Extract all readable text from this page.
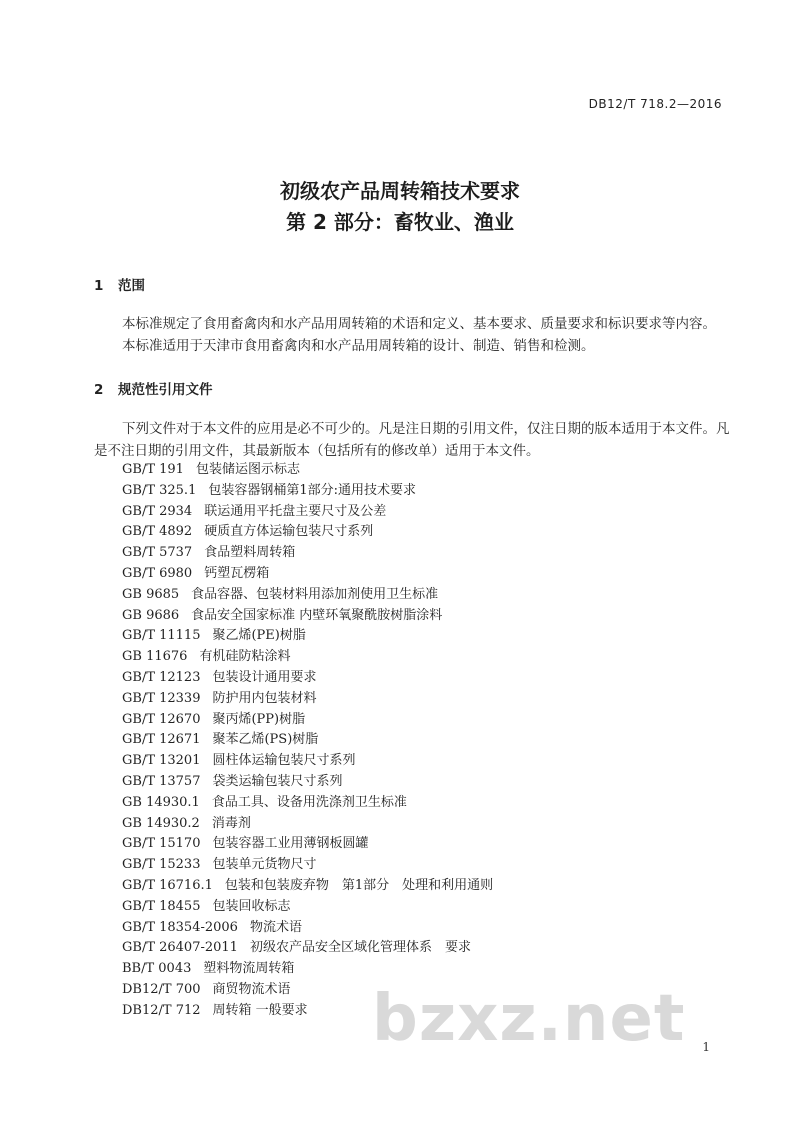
DB12/T 718.2—2016
初级农产品周转箱技术要求
第 2 部分：畜牧业、渔业
1 范围

本标准规定了食用畜禽肉和水产品用周转箱的术语和定义、基本要求、质量要求和标识要求等内容。

本标准适用于天津市食用畜禽肉和水产品用周转箱的设计、制造、销售和检测。

2 规范性引用文件

下列文件对于本文件的应用是必不可少的。凡是注日期的引用文件，仅注日期的版本适用于本文件。凡是不注日期的引用文件，其最新版本（包括所有的修改单）适用于本文件。

GB/T 191 包装储运图示标志
GB/T 325.1 包装容器钢桶第1部分:通用技术要求
GB/T 2934 联运通用平托盘主要尺寸及公差
GB/T 4892 硬质直方体运输包装尺寸系列
GB/T 5737 食品塑料周转箱
GB/T 6980 钙塑瓦楞箱
GB 9685 食品容器、包装材料用添加剂使用卫生标准
GB 9686 食品安全国家标准 内壁环氧聚酰胺树脂涂料
GB/T 11115 聚乙烯(PE)树脂
GB 11676 有机硅防粘涂料
GB/T 12123 包装设计通用要求
GB/T 12339 防护用内包装材料
GB/T 12670 聚丙烯(PP)树脂
GB/T 12671 聚苯乙烯(PS)树脂
GB/T 13201 圆柱体运输包装尺寸系列
GB/T 13757 袋类运输包装尺寸系列
GB 14930.1 食品工具、设备用洗涤剂卫生标准
GB 14930.2 消毒剂
GB/T 15170 包装容器工业用薄钢板圆罐
GB/T 15233 包装单元货物尺寸
GB/T 16716.1 包装和包装废弃物　第1部分　处理和利用通则
GB/T 18455 包装回收标志
GB/T 18354-2006 物流术语
GB/T 26407-2011 初级农产品安全区域化管理体系　要求
BB/T 0043 塑料物流周转箱
DB12/T 700 商贸物流术语
DB12/T 712 周转箱 一般要求	bzxz.net 1
